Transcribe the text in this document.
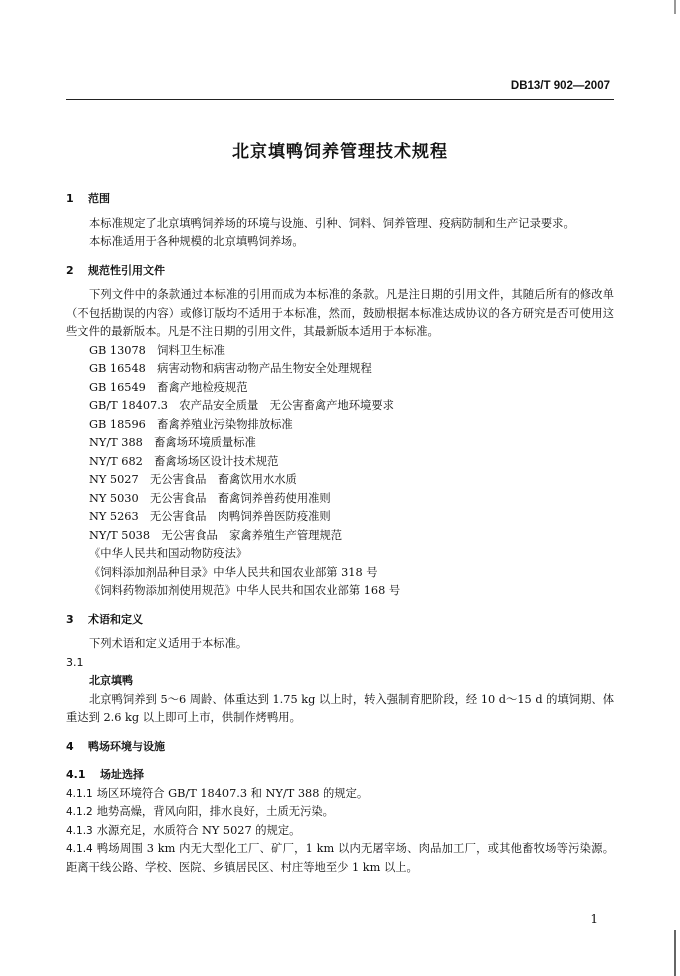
DB13/T 902—2007
北京填鸭饲养管理技术规程

1 范围

本标准规定了北京填鸭饲养场的环境与设施、引种、饲料、饲养管理、疫病防制和生产记录要求。

本标准适用于各种规模的北京填鸭饲养场。

2 规范性引用文件

下列文件中的条款通过本标准的引用而成为本标准的条款。凡是注日期的引用文件，其随后所有的修改单（不包括勘误的内容）或修订版均不适用于本标准，然而，鼓励根据本标准达成协议的各方研究是否可使用这些文件的最新版本。凡是不注日期的引用文件，其最新版本适用于本标准。

GB 13078　饲料卫生标准

GB 16548　病害动物和病害动物产品生物安全处理规程

GB 16549　畜禽产地检疫规范

GB/T 18407.3　农产品安全质量　无公害畜禽产地环境要求

GB 18596　畜禽养殖业污染物排放标准

NY/T 388　畜禽场环境质量标准

NY/T 682　畜禽场场区设计技术规范

NY 5027　无公害食品　畜禽饮用水水质

NY 5030　无公害食品　畜禽饲养兽药使用准则

NY 5263　无公害食品　肉鸭饲养兽医防疫准则

NY/T 5038　无公害食品　家禽养殖生产管理规范

《中华人民共和国动物防疫法》

《饲料添加剂品种目录》中华人民共和国农业部第 318 号

《饲料药物添加剂使用规范》中华人民共和国农业部第 168 号

3 术语和定义

下列术语和定义适用于本标准。

3.1

北京填鸭

北京鸭饲养到 5～6 周龄、体重达到 1.75 kg 以上时，转入强制育肥阶段，经 10 d～15 d 的填饲期、体重达到 2.6 kg 以上即可上市，供制作烤鸭用。

4 鸭场环境与设施

4.1 场址选择

4.1.1 场区环境符合 GB/T 18407.3 和 NY/T 388 的规定。

4.1.2 地势高燥，背风向阳，排水良好，土质无污染。

4.1.3 水源充足，水质符合 NY 5027 的规定。

4.1.4 鸭场周围 3 km 内无大型化工厂、矿厂，1 km 以内无屠宰场、肉品加工厂，或其他畜牧场等污染源。距离干线公路、学校、医院、乡镇居民区、村庄等地至少 1 km 以上。

1
